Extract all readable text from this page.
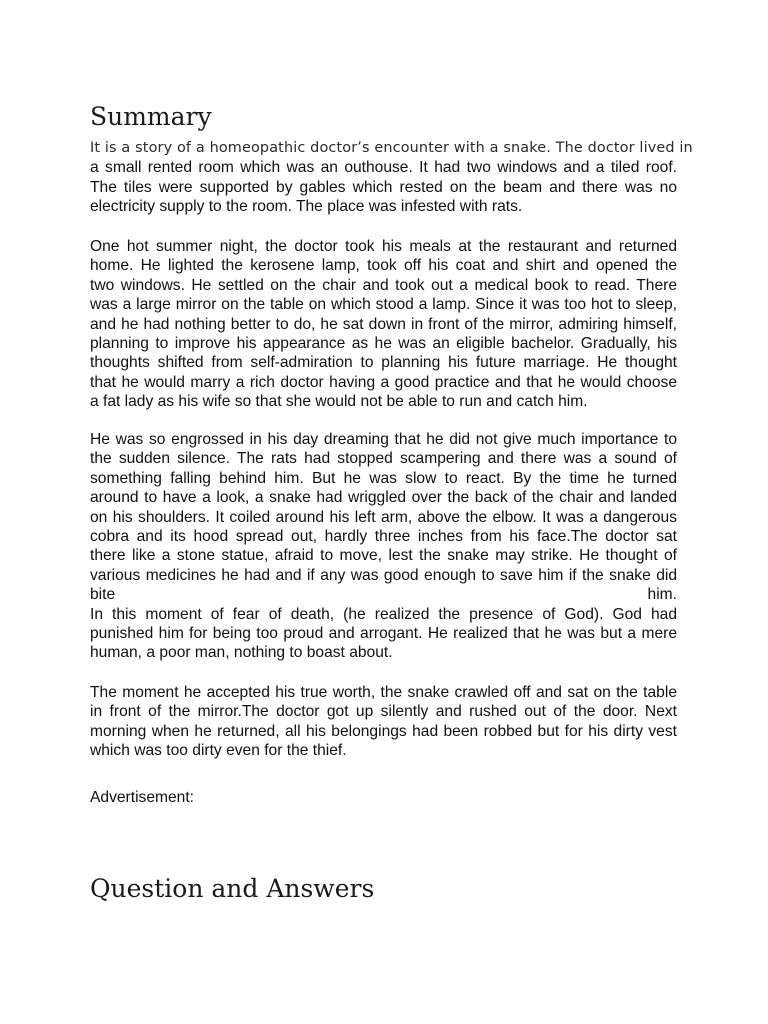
Summary
It is a story of a homeopathic doctor’s encounter with a snake. The doctor lived in
a small rented room which was an outhouse. It had two windows and a tiled roof.
The tiles were supported by gables which rested on the beam and there was no
electricity supply to the room. The place was infested with rats.
One hot summer night, the doctor took his meals at the restaurant and returned
home. He lighted the kerosene lamp, took off his coat and shirt and opened the
two windows. He settled on the chair and took out a medical book to read. There
was a large mirror on the table on which stood a lamp. Since it was too hot to sleep,
and he had nothing better to do, he sat down in front of the mirror, admiring himself,
planning to improve his appearance as he was an eligible bachelor. Gradually, his
thoughts shifted from self-admiration to planning his future marriage. He thought
that he would marry a rich doctor having a good practice and that he would choose
a fat lady as his wife so that she would not be able to run and catch him.
He was so engrossed in his day dreaming that he did not give much importance to
the sudden silence. The rats had stopped scampering and there was a sound of
something falling behind him. But he was slow to react. By the time he turned
around to have a look, a snake had wriggled over the back of the chair and landed
on his shoulders. It coiled around his left arm, above the elbow. It was a dangerous
cobra and its hood spread out, hardly three inches from his face.The doctor sat
there like a stone statue, afraid to move, lest the snake may strike. He thought of
various medicines he had and if any was good enough to save him if the snake did
bite	him.
In this moment of fear of death, (he realized the presence of God). God had
punished him for being too proud and arrogant. He realized that he was but a mere
human, a poor man, nothing to boast about.
The moment he accepted his true worth, the snake crawled off and sat on the table
in front of the mirror.The doctor got up silently and rushed out of the door. Next
morning when he returned, all his belongings had been robbed but for his dirty vest
which was too dirty even for the thief.
Advertisement:
Question and Answers
